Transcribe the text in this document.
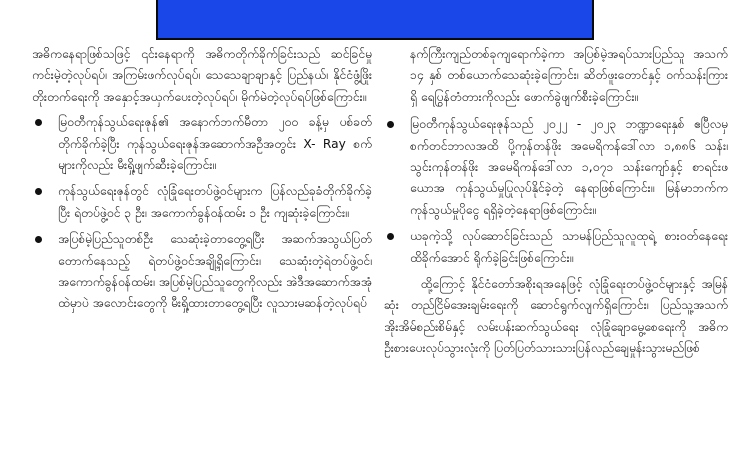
အဓိကနေရာဖြစ်သဖြင့် ၎င်းနေရာကို အဓိကတိုက်ခိုက်ခြင်းသည် ဆင်ခြင်မှုကင်းမဲ့တဲ့လုပ်ရပ်၊ အကြမ်းဖက်လုပ်ရပ်၊ သေသေချာချာနှင့် ပြည်နယ်၊ နိုင်ငံဖွံ့ဖြိုးတိုးတက်ရေးကို အနှောင့်အယှက်ပေးတဲ့လုပ်ရပ်၊ မိုက်မဲတဲ့လုပ်ရပ်ဖြစ်ကြောင်း။

မြဝတီကုန်သွယ်ရေးဇုန်၏ အနောက်ဘက်မီတာ ၂၀၀ ခန့်မှ ပစ်ခတ်တိုက်ခိုက်ခဲ့ပြီး ကုန်သွယ်ရေးဇုန်အဆောက်အဦအတွင်း X- Ray စက်များကိုလည်း မီးရှို့ဖျက်ဆီးခဲ့ကြောင်း။
ကုန်သွယ်ရေးဇုန်တွင် လုံခြုံရေးတပ်ဖွဲ့ဝင်များက ပြန်လည်ခုခံတိုက်ခိုက်ခဲ့ပြီး ရဲတပ်ဖွဲ့ဝင် ၃ ဦး၊ အကောက်ခွန်ဝန်ထမ်း ၁ ဦး ကျဆုံးခဲ့ကြောင်း။
အပြစ်မဲ့ပြည်သူတစ်ဦး သေဆုံးခဲ့တာတွေ့ရပြီး အဆက်အသွယ်ပြတ်တောက်နေသည့် ရဲတပ်ဖွဲ့ဝင်အချို့ရှိကြောင်း၊ သေဆုံးတဲ့ရဲတပ်ဖွဲ့ဝင်၊ အကောက်ခွန်ဝန်ထမ်း၊ အပြစ်မဲ့ပြည်သူတွေကိုလည်း အဲဒီအဆောက်အအုံထဲမှာပဲ အလောင်းတွေကို မီးရှို့ထားတာတွေ့ရပြီး လူသားမဆန်တဲ့လုပ်ရပ်

နက်ကြီးကျည်တစ်ခုကျရောက်ခဲ့ကာ အပြစ်မဲ့အရပ်သားပြည်သူ အသက် ၁၄ နှစ် တစ်ယောက်သေဆုံးခဲ့ကြောင်း၊ ဆိတ်ဖူးတောင်နှင့် ဝက်သန်းကြားရှိ ရေပြွန်တံတားကိုလည်း ဖောက်ခွဲဖျက်စီးခဲ့ကြောင်း။

မြဝတီကုန်သွယ်ရေးဇုန်သည် ၂၀၂၂ - ၂၀၂၃ ဘဏ္ဍာရေးနှစ် ဧပြီလမှ စက်တင်ဘာလအထိ ပို့ကုန်တန်ဖိုး အမေရိကန်ဒေါ်လာ ၁,၈၈၆ သန်း၊ သွင်းကုန်တန်ဖိုး အမေရိကန်ဒေါ်လာ ၁,၀၇၁ သန်းကျော်နှင့် စာရင်းဖယောအ ကုန်သွယ်မှုပြုလုပ်နိုင်ခဲ့တဲ့ နေရာဖြစ်ကြောင်း။ မြန်မာဘက်က ကုန်သွယ်မှုပိုငွေ ရရှိခဲ့တဲ့နေရာဖြစ်ကြောင်း။
ယခုကဲ့သို့ လုပ်ဆောင်ခြင်းသည် သာမန်ပြည်သူလူထုရဲ့ စားဝတ်နေရေးထိခိုက်အောင် ရိုက်ခဲ့ခြင်းဖြစ်ကြောင်း။

ထို့ကြောင့် နိုင်ငံတော်အစိုးရအနေဖြင့် လုံခြုံရေးတပ်ဖွဲ့ဝင်များနှင့် အမြန်ဆုံး တည်ငြိမ်အေးချမ်းရေးကို ဆောင်ရွက်လျက်ရှိကြောင်း၊ ပြည်သူ့အသက်အိုးအိမ်စည်းစိမ်နှင့် လမ်းပန်းဆက်သွယ်ရေး လုံခြုံချောမွေ့စေရေးကို အဓိကဦးစားပေးလုပ်သွားလုံးကို ပြတ်ပြတ်သားသားပြန်လည်ချေမှုန်းသွားမည်ဖြစ်
